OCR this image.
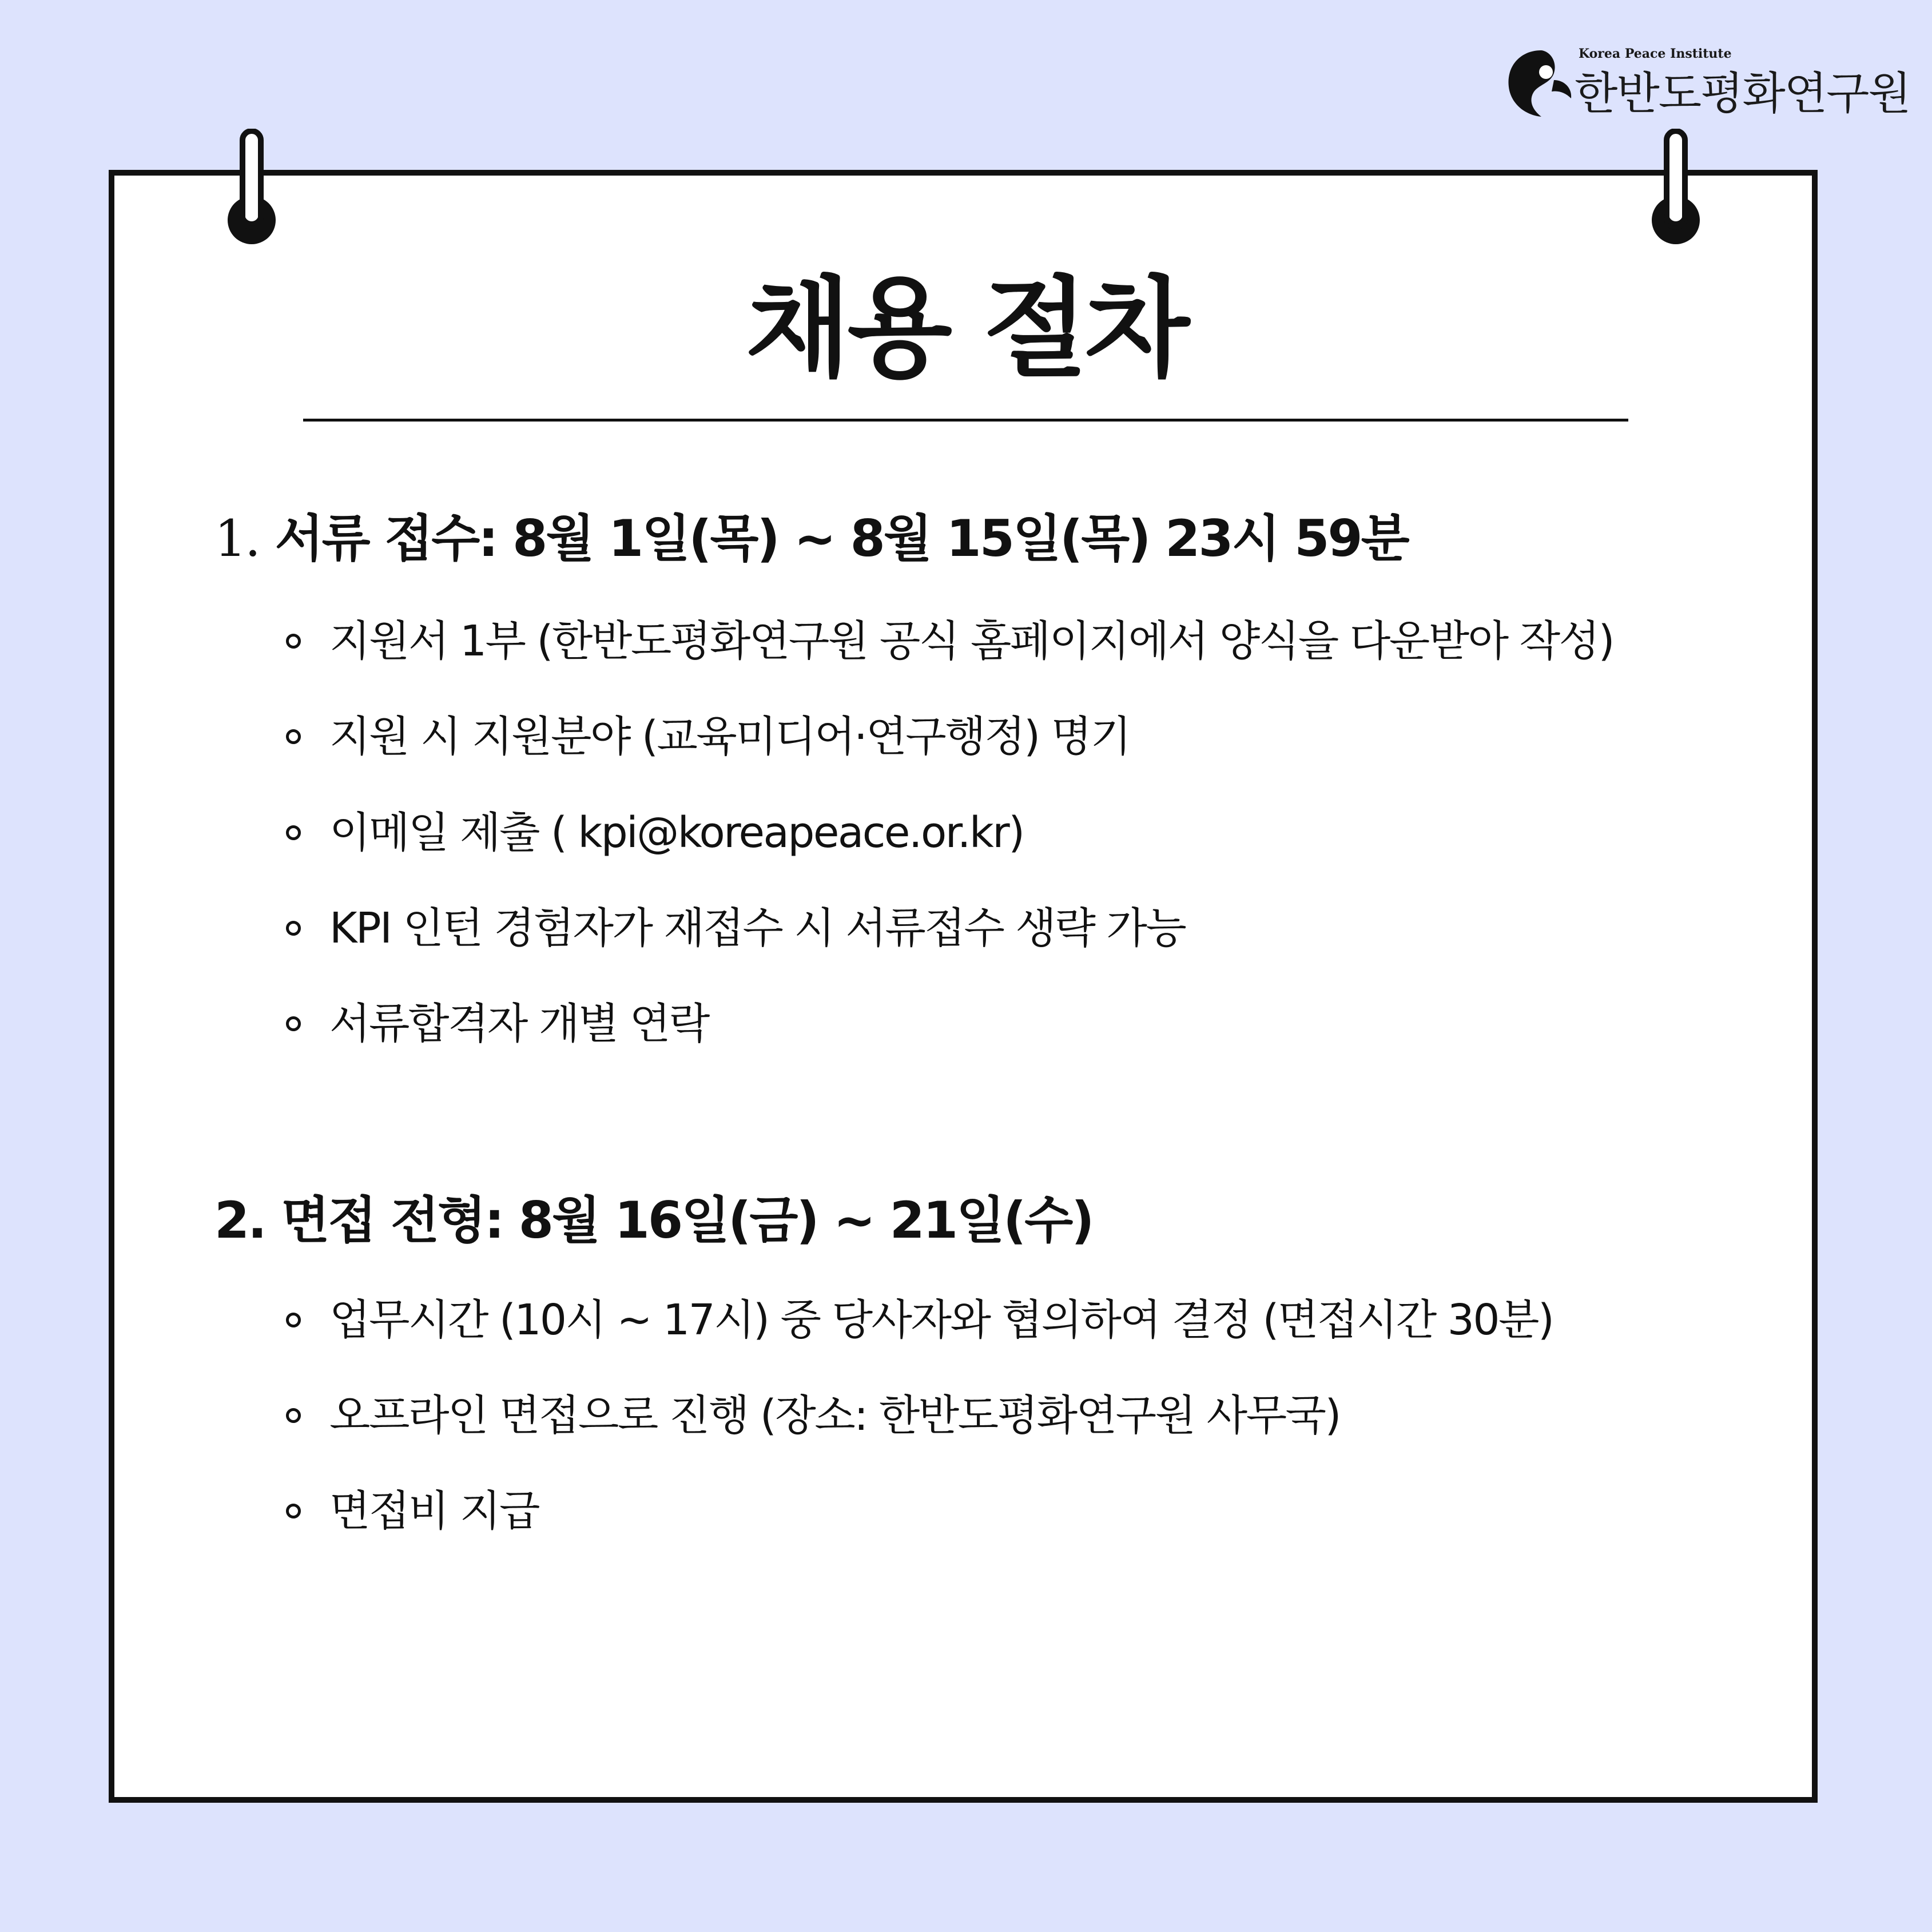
Korea Peace Institute
한반도평화연구원
채용 절차
1. 서류 접수: 8월 1일(목) ~ 8월 15일(목) 23시 59분
지원서 1부 (한반도평화연구원 공식 홈페이지에서 양식을 다운받아 작성)
지원 시 지원분야 (교육미디어·연구행정) 명기
이메일 제출 ( kpi@koreapeace.or.kr)
KPI 인턴 경험자가 재접수 시 서류접수 생략 가능
서류합격자 개별 연락
2. 면접 전형: 8월 16일(금) ~ 21일(수)
업무시간 (10시 ~ 17시) 중 당사자와 협의하여 결정 (면접시간 30분)
오프라인 면접으로 진행 (장소: 한반도평화연구원 사무국)
면접비 지급
